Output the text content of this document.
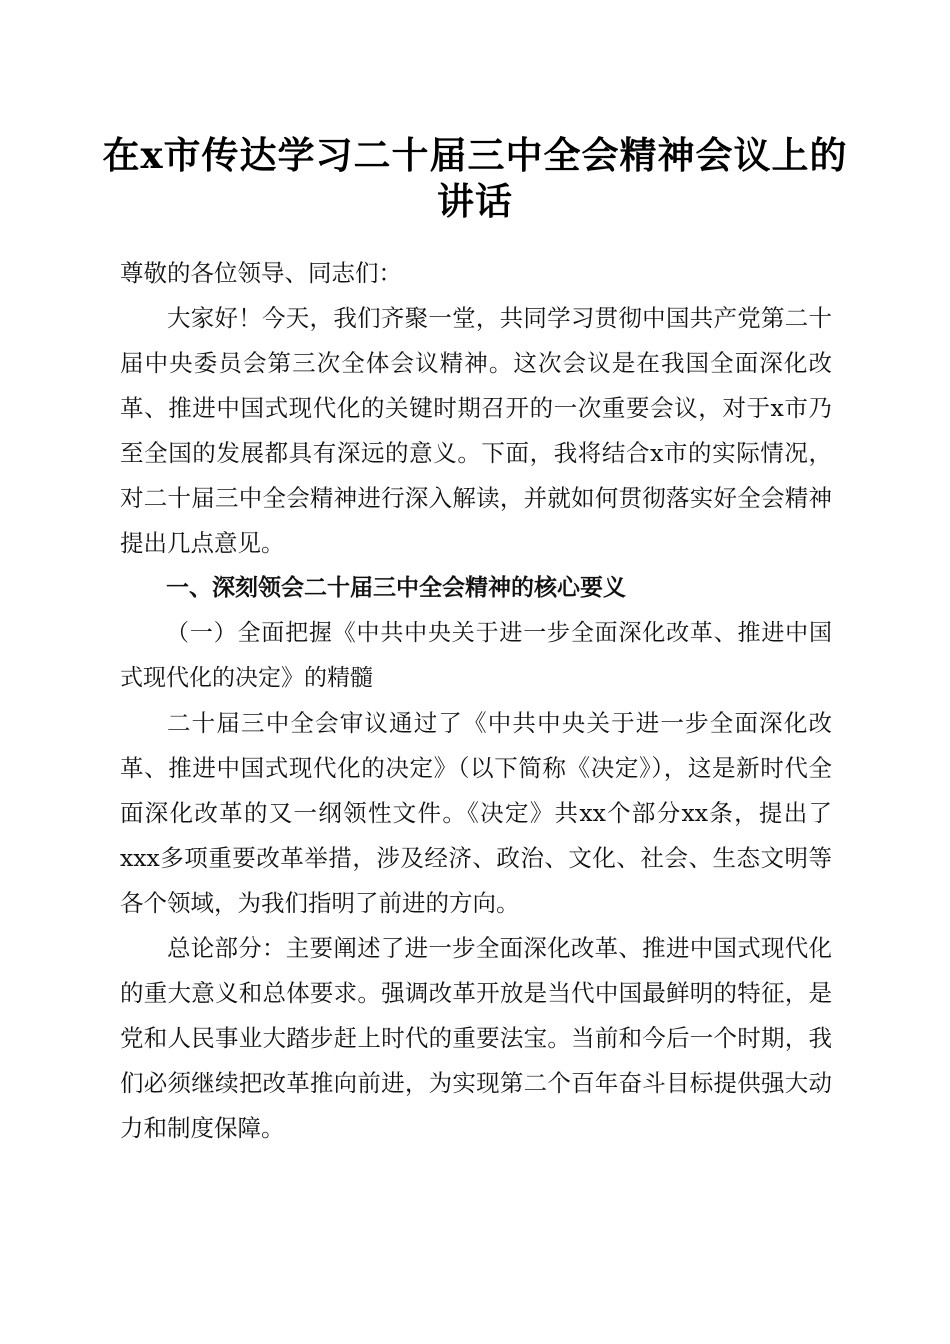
在x市传达学习二十届三中全会精神会议上的讲话

尊敬的各位领导、同志们：

大家好！今天，我们齐聚一堂，共同学习贯彻中国共产党第二十届中央委员会第三次全体会议精神。这次会议是在我国全面深化改革、推进中国式现代化的关键时期召开的一次重要会议，对于x市乃至全国的发展都具有深远的意义。下面，我将结合x市的实际情况，对二十届三中全会精神进行深入解读，并就如何贯彻落实好全会精神提出几点意见。

一、深刻领会二十届三中全会精神的核心要义

（一）全面把握《中共中央关于进一步全面深化改革、推进中国式现代化的决定》的精髓

二十届三中全会审议通过了《中共中央关于进一步全面深化改革、推进中国式现代化的决定》（以下简称《决定》），这是新时代全面深化改革的又一纲领性文件。《决定》共xx个部分xx条，提出了xxx多项重要改革举措，涉及经济、政治、文化、社会、生态文明等各个领域，为我们指明了前进的方向。

总论部分：主要阐述了进一步全面深化改革、推进中国式现代化的重大意义和总体要求。强调改革开放是当代中国最鲜明的特征，是党和人民事业大踏步赶上时代的重要法宝。当前和今后一个时期，我们必须继续把改革推向前进，为实现第二个百年奋斗目标提供强大动力和制度保障。
